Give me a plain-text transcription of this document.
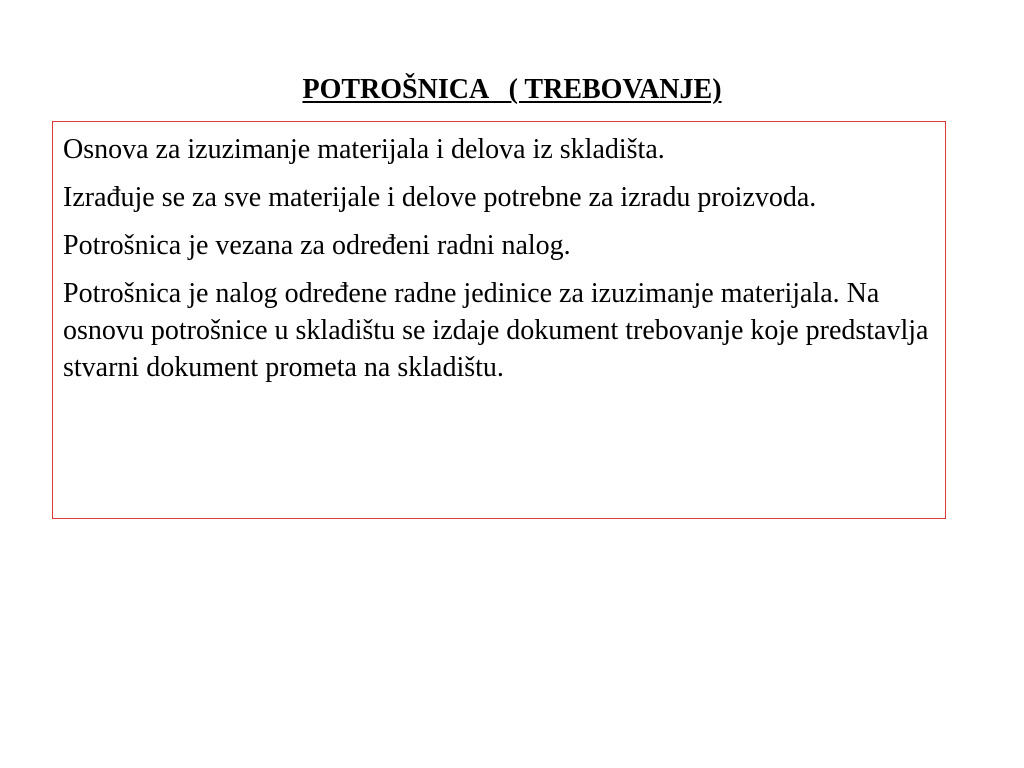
POTROŠNICA   ( TREBOVANJE)

Osnova za izuzimanje materijala i delova iz skladišta.

Izrađuje se za sve materijale i delove potrebne za izradu proizvoda.

Potrošnica je vezana za određeni radni nalog.

Potrošnica je nalog određene radne jedinice za izuzimanje materijala. Na osnovu potrošnice u skladištu se izdaje dokument trebovanje koje predstavlja stvarni dokument prometa na skladištu.
